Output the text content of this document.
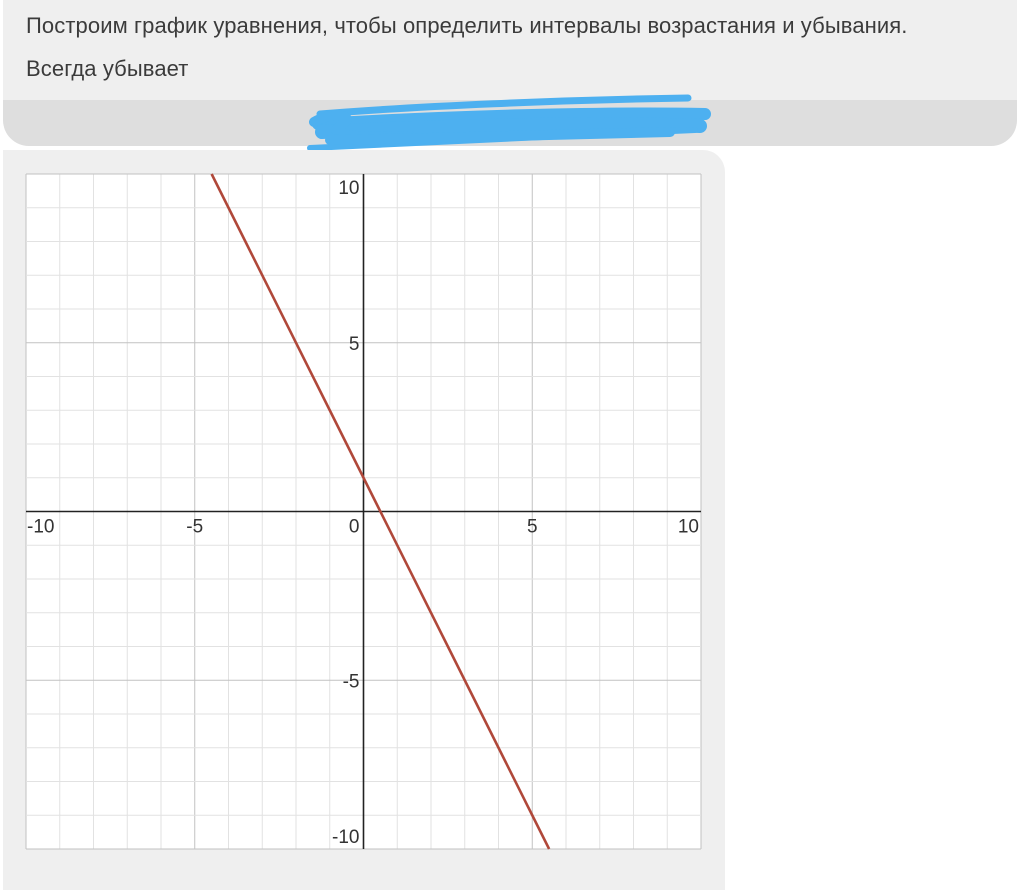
Построим график уравнения, чтобы определить интервалы возрастания и убывания.
Всегда убывает
-10	-5	0	5	10
10
5
-5
-10
